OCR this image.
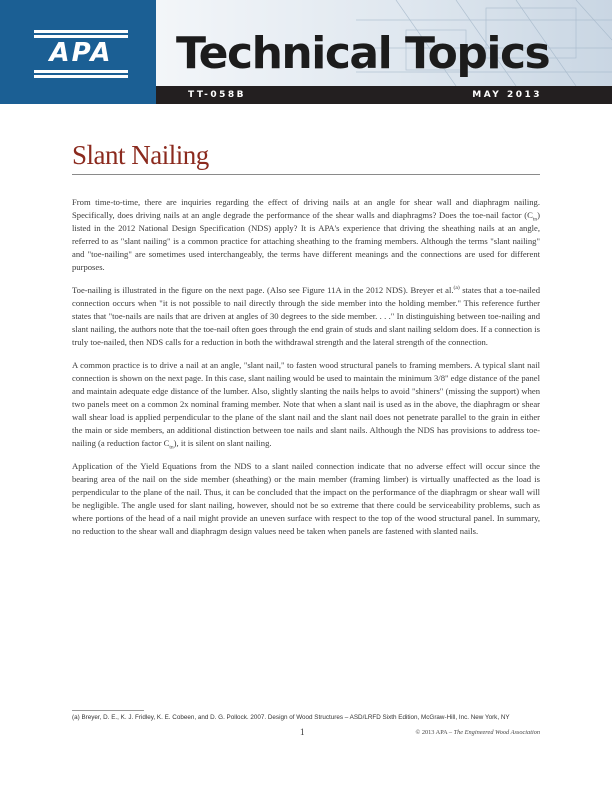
APA	Technical Topics
TT-058B	MAY 2013
Slant Nailing

From time-to-time, there are inquiries regarding the effect of driving nails at an angle for shear wall and diaphragm nailing. Specifically, does driving nails at an angle degrade the performance of the shear walls and diaphragms? Does the toe-nail factor $(C_{tn})$ listed in the 2012 National Design Specification (NDS) apply? It is APA's experience that driving the sheathing nails at an angle, referred to as "slant nailing" is a common practice for attaching sheathing to the framing members. Although the terms "slant nailing" and "toe-nailing" are sometimes used interchangeably, the terms have different meanings and the connections are used for different purposes.

Toe-nailing is illustrated in the figure on the next page. (Also see Figure 11A in the 2012 NDS). Breyer et al.$^{(a)}$ states that a toe-nailed connection occurs when "it is not possible to nail directly through the side member into the holding member." This reference further states that "toe-nails are nails that are driven at angles of 30 degrees to the side member. . . ." In distinguishing between toe-nailing and slant nailing, the authors note that the toe-nail often goes through the end grain of studs and slant nailing seldom does. If a connection is truly toe-nailed, then NDS calls for a reduction in both the withdrawal strength and the lateral strength of the connection.

A common practice is to drive a nail at an angle, "slant nail," to fasten wood structural panels to framing members. A typical slant nail connection is shown on the next page. In this case, slant nailing would be used to maintain the minimum 3/8" edge distance of the panel and maintain adequate edge distance of the lumber. Also, slightly slanting the nails helps to avoid "shiners" (missing the support) when two panels meet on a common 2x nominal framing member. Note that when a slant nail is used as in the above, the diaphragm or shear wall shear load is applied perpendicular to the plane of the slant nail and the slant nail does not penetrate parallel to the grain in either the main or side members, an additional distinction between toe nails and slant nails. Although the NDS has provisions to address toe-nailing (a reduction factor $C_{tn}$), it is silent on slant nailing.

Application of the Yield Equations from the NDS to a slant nailed connection indicate that no adverse effect will occur since the bearing area of the nail on the side member (sheathing) or the main member (framing limber) is virtually unaffected as the load is perpendicular to the plane of the nail. Thus, it can be concluded that the impact on the performance of the diaphragm or shear wall will be negligible. The angle used for slant nailing, however, should not be so extreme that there could be serviceability problems, such as where portions of the head of a nail might provide an uneven surface with respect to the top of the wood structural panel. In summary, no reduction to the shear wall and diaphragm design values need be taken when panels are fastened with slanted nails.

(a) Breyer, D. E., K. J. Fridley, K. E. Cobeen, and D. G. Pollock. 2007. Design of Wood Structures – ASD/LRFD Sixth Edition, McGraw-Hill, Inc. New York, NY
1	© 2013 APA – The Engineered Wood Association
